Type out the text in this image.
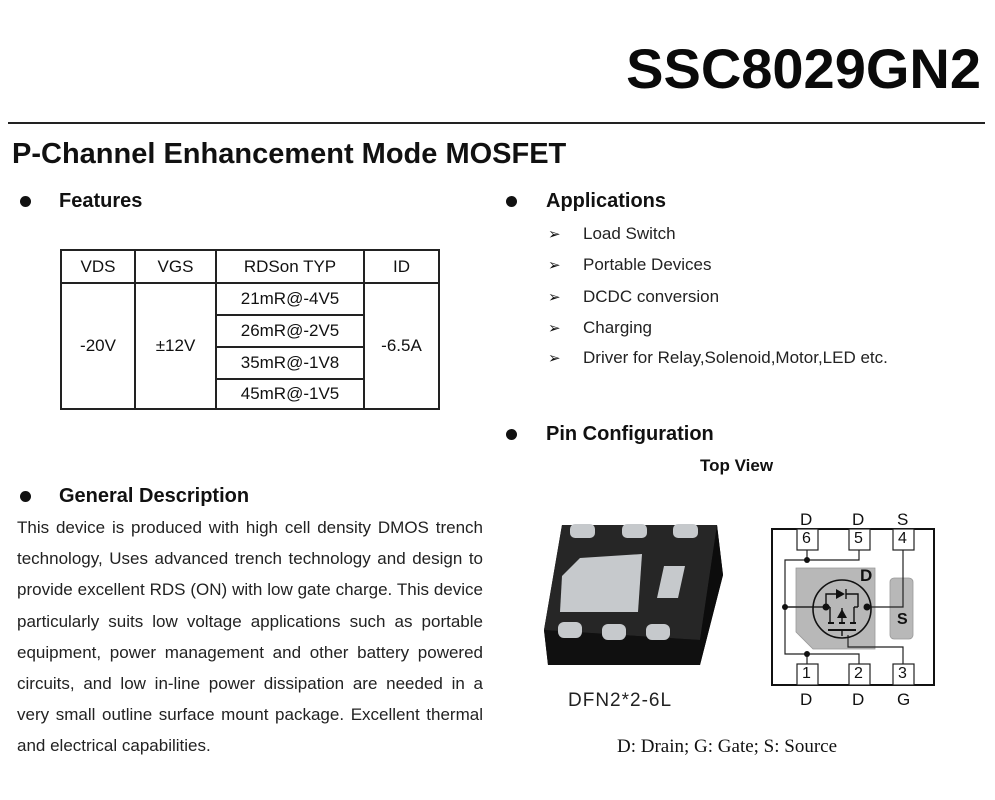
SSC8029GN2
P-Channel Enhancement Mode MOSFET
Features
VDS	VGS	RDSon TYP	ID
-20V	±12V	21mR@-4V5	-6.5A
		26mR@-2V5	
		35mR@-1V8	
		45mR@-1V5	
Applications
➢	Load Switch
➢	Portable Devices
➢	DCDC conversion
➢	Charging
➢	Driver for Relay,Solenoid,Motor,LED etc.
Pin Configuration
Top View
DFN2*2-6L
D D S
6	5 4
1	2 3
D D G
D
S
D: Drain; G: Gate; S: Source
General Description
This device is produced with high cell density DMOS trench technology, Uses advanced trench technology and design to provide excellent RDS (ON) with low gate charge. This device particularly suits low voltage applications such as portable equipment, power management and other battery powered circuits, and low in-line power dissipation are needed in a very small outline surface mount package. Excellent thermal and electrical capabilities.
